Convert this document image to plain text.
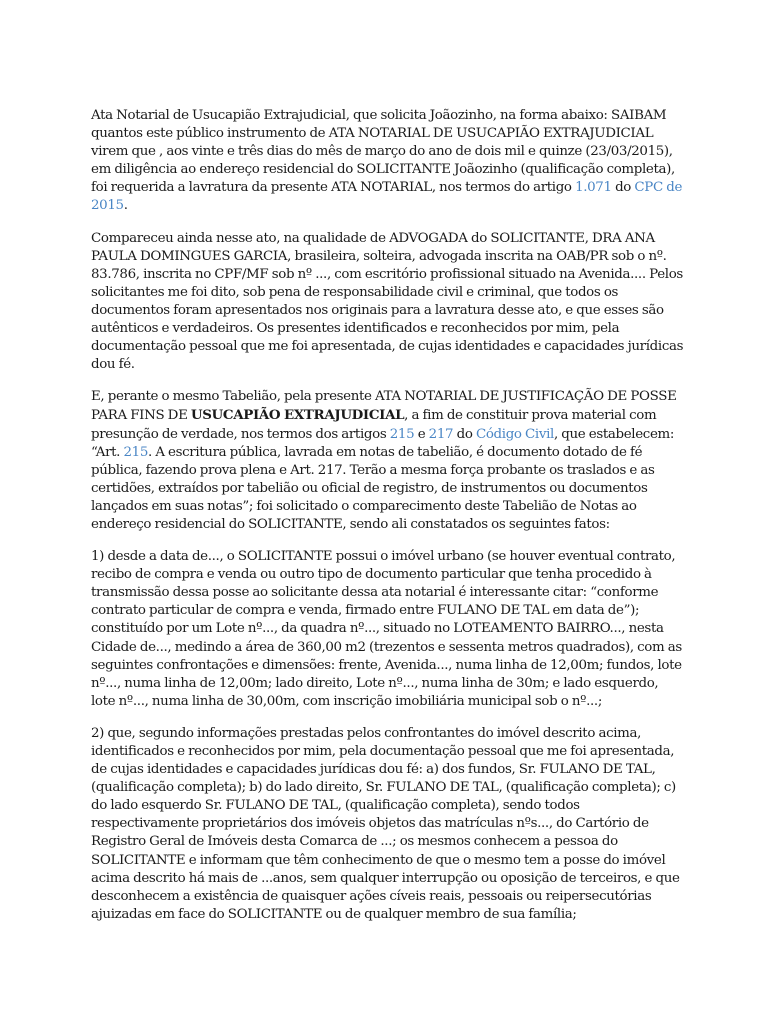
Ata Notarial de Usucapião Extrajudicial, que solicita Joãozinho, na forma abaixo: SAIBAM quantos este público instrumento de ATA NOTARIAL DE USUCAPIÃO EXTRAJUDICIAL virem que , aos vinte e três dias do mês de março do ano de dois mil e quinze (23/03/2015), em diligência ao endereço residencial do SOLICITANTE Joãozinho (qualificação completa), foi requerida a lavratura da presente ATA NOTARIAL, nos termos do artigo 1.071 do CPC de 2015.

Compareceu ainda nesse ato, na qualidade de ADVOGADA do SOLICITANTE, DRA ANA PAULA DOMINGUES GARCIA, brasileira, solteira, advogada inscrita na OAB/PR sob o nº. 83.786, inscrita no CPF/MF sob nº ..., com escritório profissional situado na Avenida.... Pelos solicitantes me foi dito, sob pena de responsabilidade civil e criminal, que todos os documentos foram apresentados nos originais para a lavratura desse ato, e que esses são autênticos e verdadeiros. Os presentes identificados e reconhecidos por mim, pela documentação pessoal que me foi apresentada, de cujas identidades e capacidades jurídicas dou fé.

E, perante o mesmo Tabelião, pela presente ATA NOTARIAL DE JUSTIFICAÇÃO DE POSSE PARA FINS DE USUCAPIÃO EXTRAJUDICIAL, a fim de constituir prova material com presunção de verdade, nos termos dos artigos 215 e 217 do Código Civil, que estabelecem: “Art. 215. A escritura pública, lavrada em notas de tabelião, é documento dotado de fé pública, fazendo prova plena e Art. 217. Terão a mesma força probante os traslados e as certidões, extraídos por tabelião ou oficial de registro, de instrumentos ou documentos lançados em suas notas”; foi solicitado o comparecimento deste Tabelião de Notas ao endereço residencial do SOLICITANTE, sendo ali constatados os seguintes fatos:

1) desde a data de..., o SOLICITANTE possui o imóvel urbano (se houver eventual contrato, recibo de compra e venda ou outro tipo de documento particular que tenha procedido à transmissão dessa posse ao solicitante dessa ata notarial é interessante citar: “conforme contrato particular de compra e venda, firmado entre FULANO DE TAL em data de”); constituído por um Lote nº..., da quadra nº..., situado no LOTEAMENTO BAIRRO..., nesta Cidade de..., medindo a área de 360,00 m2 (trezentos e sessenta metros quadrados), com as seguintes confrontações e dimensões: frente, Avenida..., numa linha de 12,00m; fundos, lote nº..., numa linha de 12,00m; lado direito, Lote nº..., numa linha de 30m; e lado esquerdo, lote nº..., numa linha de 30,00m, com inscrição imobiliária municipal sob o nº...;

2) que, segundo informações prestadas pelos confrontantes do imóvel descrito acima, identificados e reconhecidos por mim, pela documentação pessoal que me foi apresentada, de cujas identidades e capacidades jurídicas dou fé: a) dos fundos, Sr. FULANO DE TAL, (qualificação completa); b) do lado direito, Sr. FULANO DE TAL, (qualificação completa); c) do lado esquerdo Sr. FULANO DE TAL, (qualificação completa), sendo todos respectivamente proprietários dos imóveis objetos das matrículas nºs..., do Cartório de Registro Geral de Imóveis desta Comarca de ...; os mesmos conhecem a pessoa do SOLICITANTE e informam que têm conhecimento de que o mesmo tem a posse do imóvel acima descrito há mais de ...anos, sem qualquer interrupção ou oposição de terceiros, e que desconhecem a existência de quaisquer ações cíveis reais, pessoais ou reipersecutórias ajuizadas em face do SOLICITANTE ou de qualquer membro de sua família;
